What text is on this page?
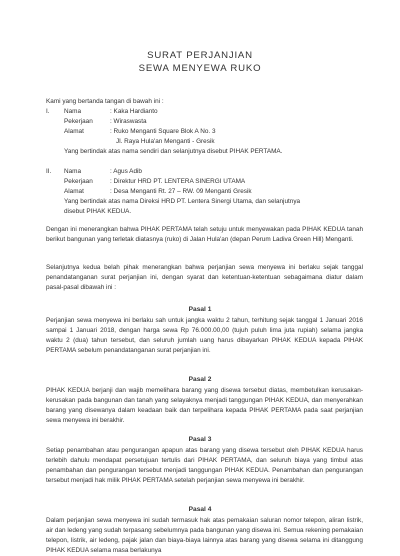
SURAT PERJANJIAN
SEWA MENYEWA RUKO
Kami yang bertanda tangan di bawah ini :
I. Nama	: Kaka Hardianto
Pekerjaan	: Wiraswasta
Alamat	: Ruko Menganti Square Blok A No. 3
Jl. Raya Hula'an Menganti - Gresik
Yang bertindak atas nama sendiri dan selanjutnya disebut PIHAK PERTAMA.
II. Nama	: Agus Adib
Pekerjaan	: Direktur HRD PT. LENTERA SINERGI UTAMA
Alamat	: Desa Menganti Rt. 27 – RW. 09 Menganti Gresik
Yang bertindak atas nama Direksi HRD PT. Lentera Sinergi Utama, dan selanjutnya
disebut PIHAK KEDUA.
Dengan ini menerangkan bahwa PIHAK PERTAMA telah setuju untuk menyewakan pada PIHAK KEDUA tanah berikut bangunan yang terletak diatasnya (ruko) di Jalan Hula'an (depan Perum Ladiva Green Hill) Menganti.
Selanjutnya kedua belah pihak menerangkan bahwa perjanjian sewa menyewa ini berlaku sejak tanggal penandatanganan surat perjanjian ini, dengan syarat dan ketentuan-ketentuan sebagaimana diatur dalam pasal-pasal dibawah ini :
Pasal 1
Perjanjian sewa menyewa ini berlaku sah untuk jangka waktu 2 tahun, terhitung sejak tanggal 1 Januari 2016 sampai 1 Januari 2018, dengan harga sewa Rp 76.000.00,00 (tujuh puluh lima juta rupiah) selama jangka waktu 2 (dua) tahun tersebut, dan seluruh jumlah uang harus dibayarkan PIHAK KEDUA kepada PIHAK PERTAMA sebelum penandatanganan surat perjanjian ini.
Pasal 2
PIHAK KEDUA berjanji dan wajib memelihara barang yang disewa tersebut diatas, membetulkan kerusakan-kerusakan pada bangunan dan tanah yang selayaknya menjadi tanggungan PIHAK KEDUA, dan menyerahkan barang yang disewanya dalam keadaan baik dan terpelihara kepada PIHAK PERTAMA pada saat perjanjian sewa menyewa ini berakhir.
Pasal 3
Setiap penambahan atau pengurangan apapun atas barang yang disewa tersebut oleh PIHAK KEDUA harus terlebih dahulu mendapat persetujuan tertulis dari PIHAK PERTAMA, dan seluruh biaya yang timbul atas penambahan dan pengurangan tersebut menjadi tanggungan PIHAK KEDUA. Penambahan dan pengurangan tersebut menjadi hak milik PIHAK PERTAMA setelah perjanjian sewa menyewa ini berakhir.
Pasal 4
Dalam perjanjian sewa menyewa ini sudah termasuk hak atas pemakaian saluran nomor telepon, aliran listrik, air dan ledeng yang sudah terpasang sebelumnya pada bangunan yang disewa ini. Semua rekening pemakaian telepon, listrik, air ledeng, pajak jalan dan biaya-biaya lainnya atas barang yang disewa selama ini ditanggung PIHAK KEDUA selama masa berlakunya
